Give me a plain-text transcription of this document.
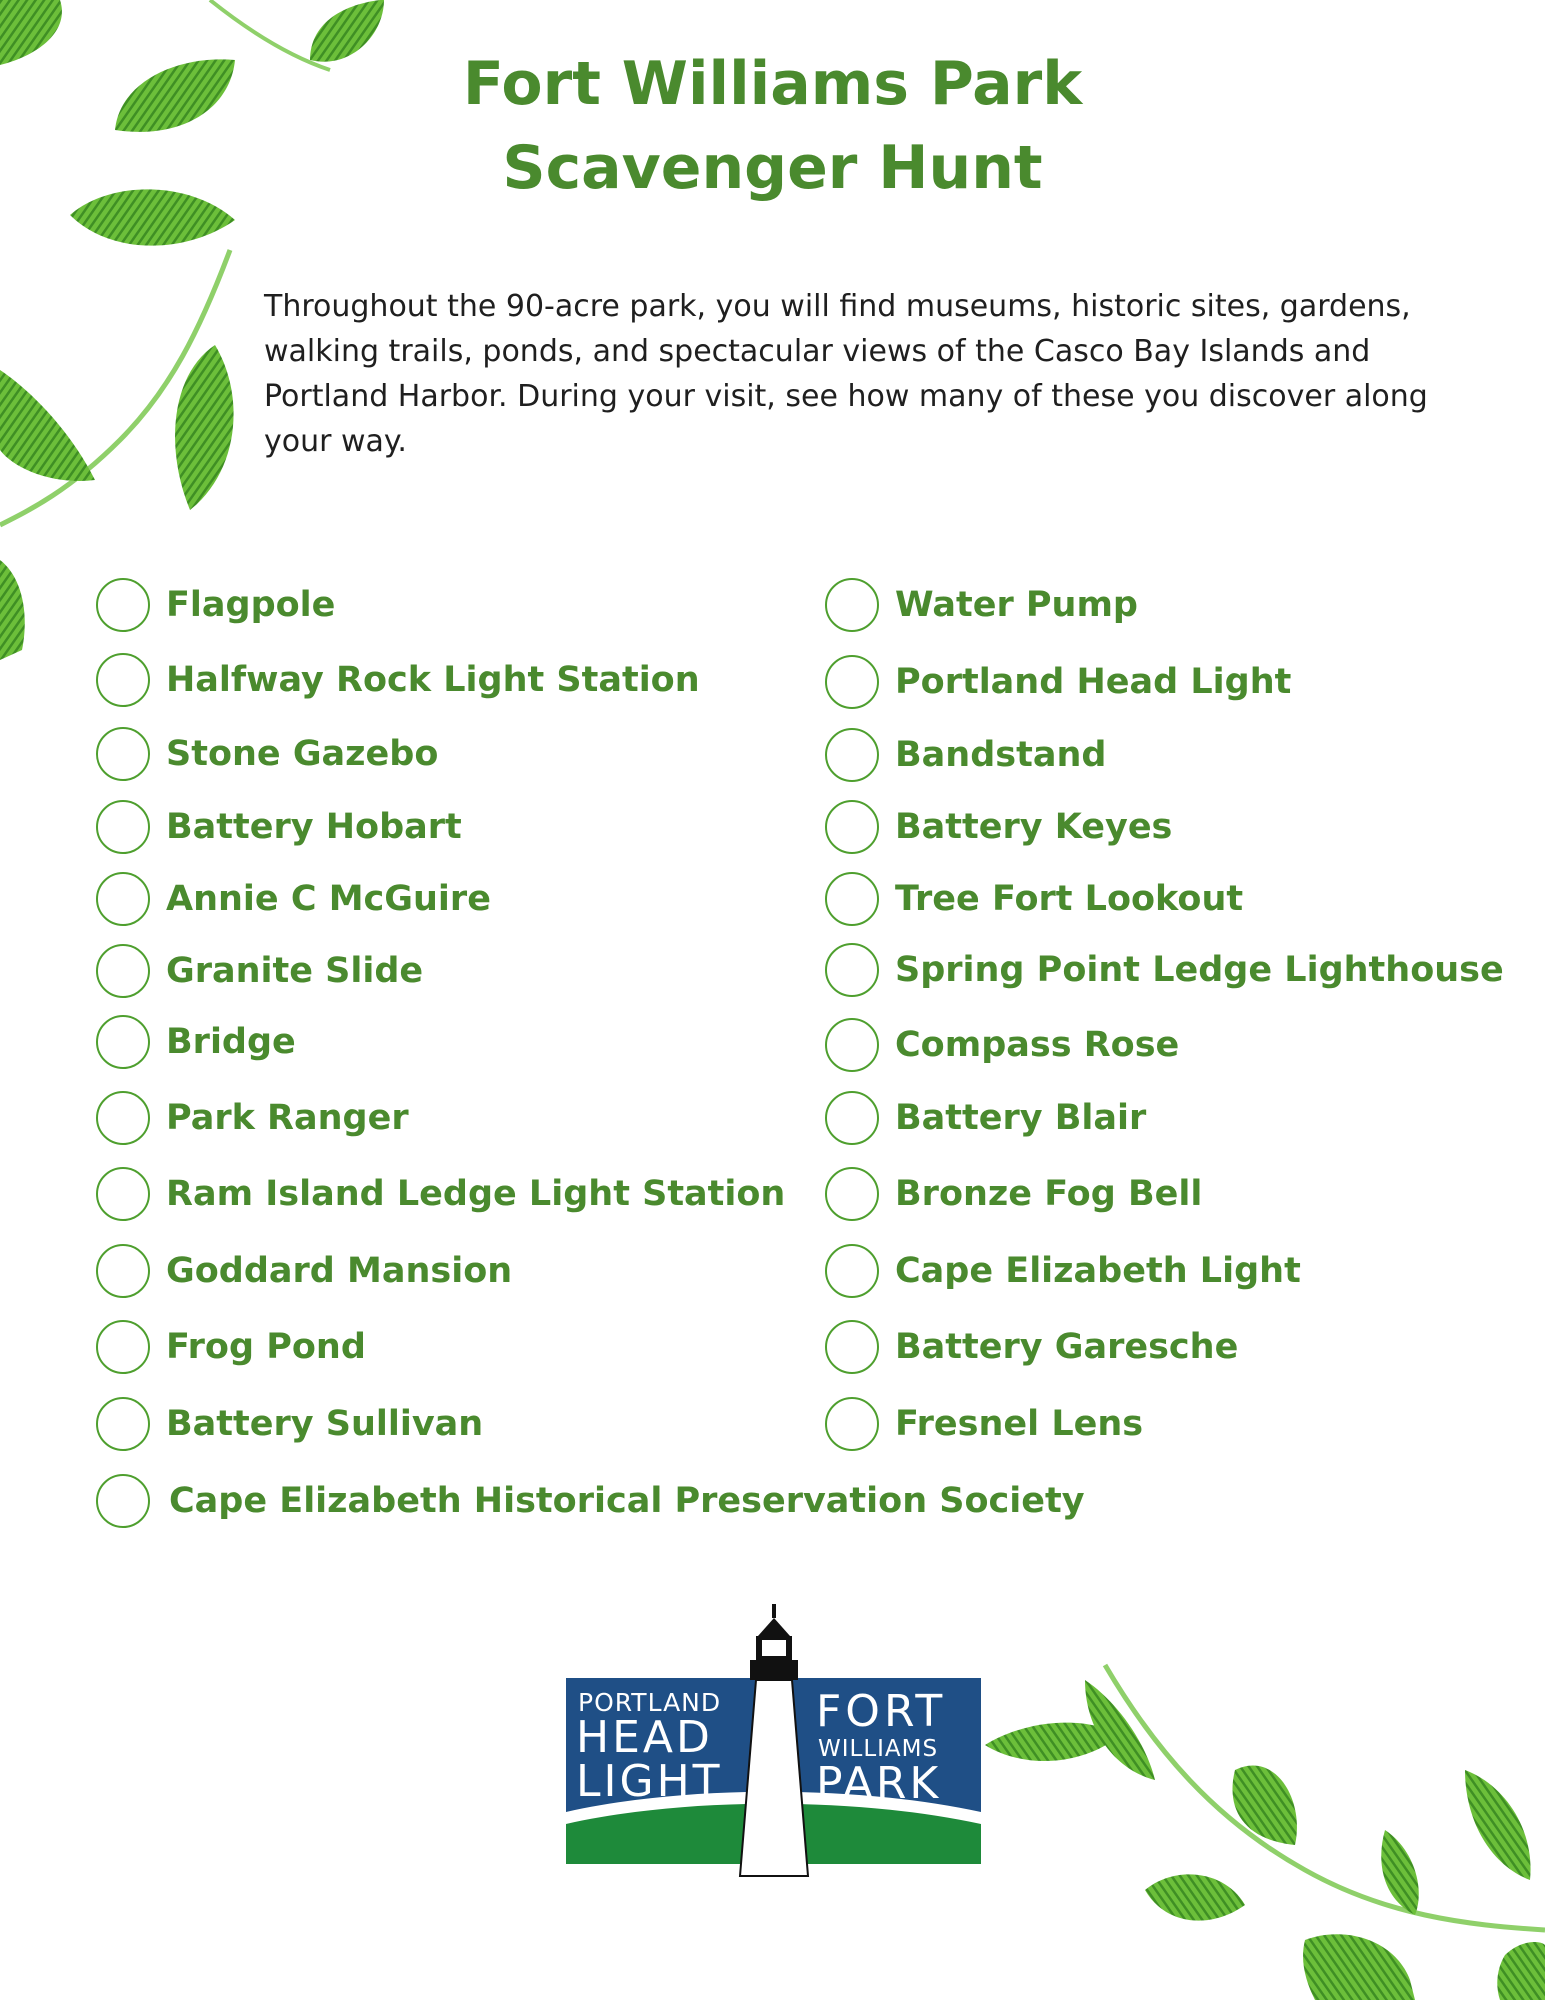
Fort Williams Park
Scavenger Hunt
Throughout the 90-acre park, you will find museums, historic sites, gardens, walking trails, ponds, and spectacular views of the Casco Bay Islands and Portland Harbor. During your visit, see how many of these you discover along your way.
Flagpole
Halfway Rock Light Station
Stone Gazebo
Battery Hobart
Annie C McGuire
Granite Slide
Bridge
Park Ranger
Ram Island Ledge Light Station
Goddard Mansion
Frog Pond
Battery Sullivan
Water Pump
Portland Head Light
Bandstand
Battery Keyes
Tree Fort Lookout
Spring Point Ledge Lighthouse
Compass Rose
Battery Blair
Bronze Fog Bell
Cape Elizabeth Light
Battery Garesche
Fresnel Lens
Cape Elizabeth Historical Preservation Society
PORTLAND
HEAD
LIGHT
FORT
WILLIAMS
PARK
